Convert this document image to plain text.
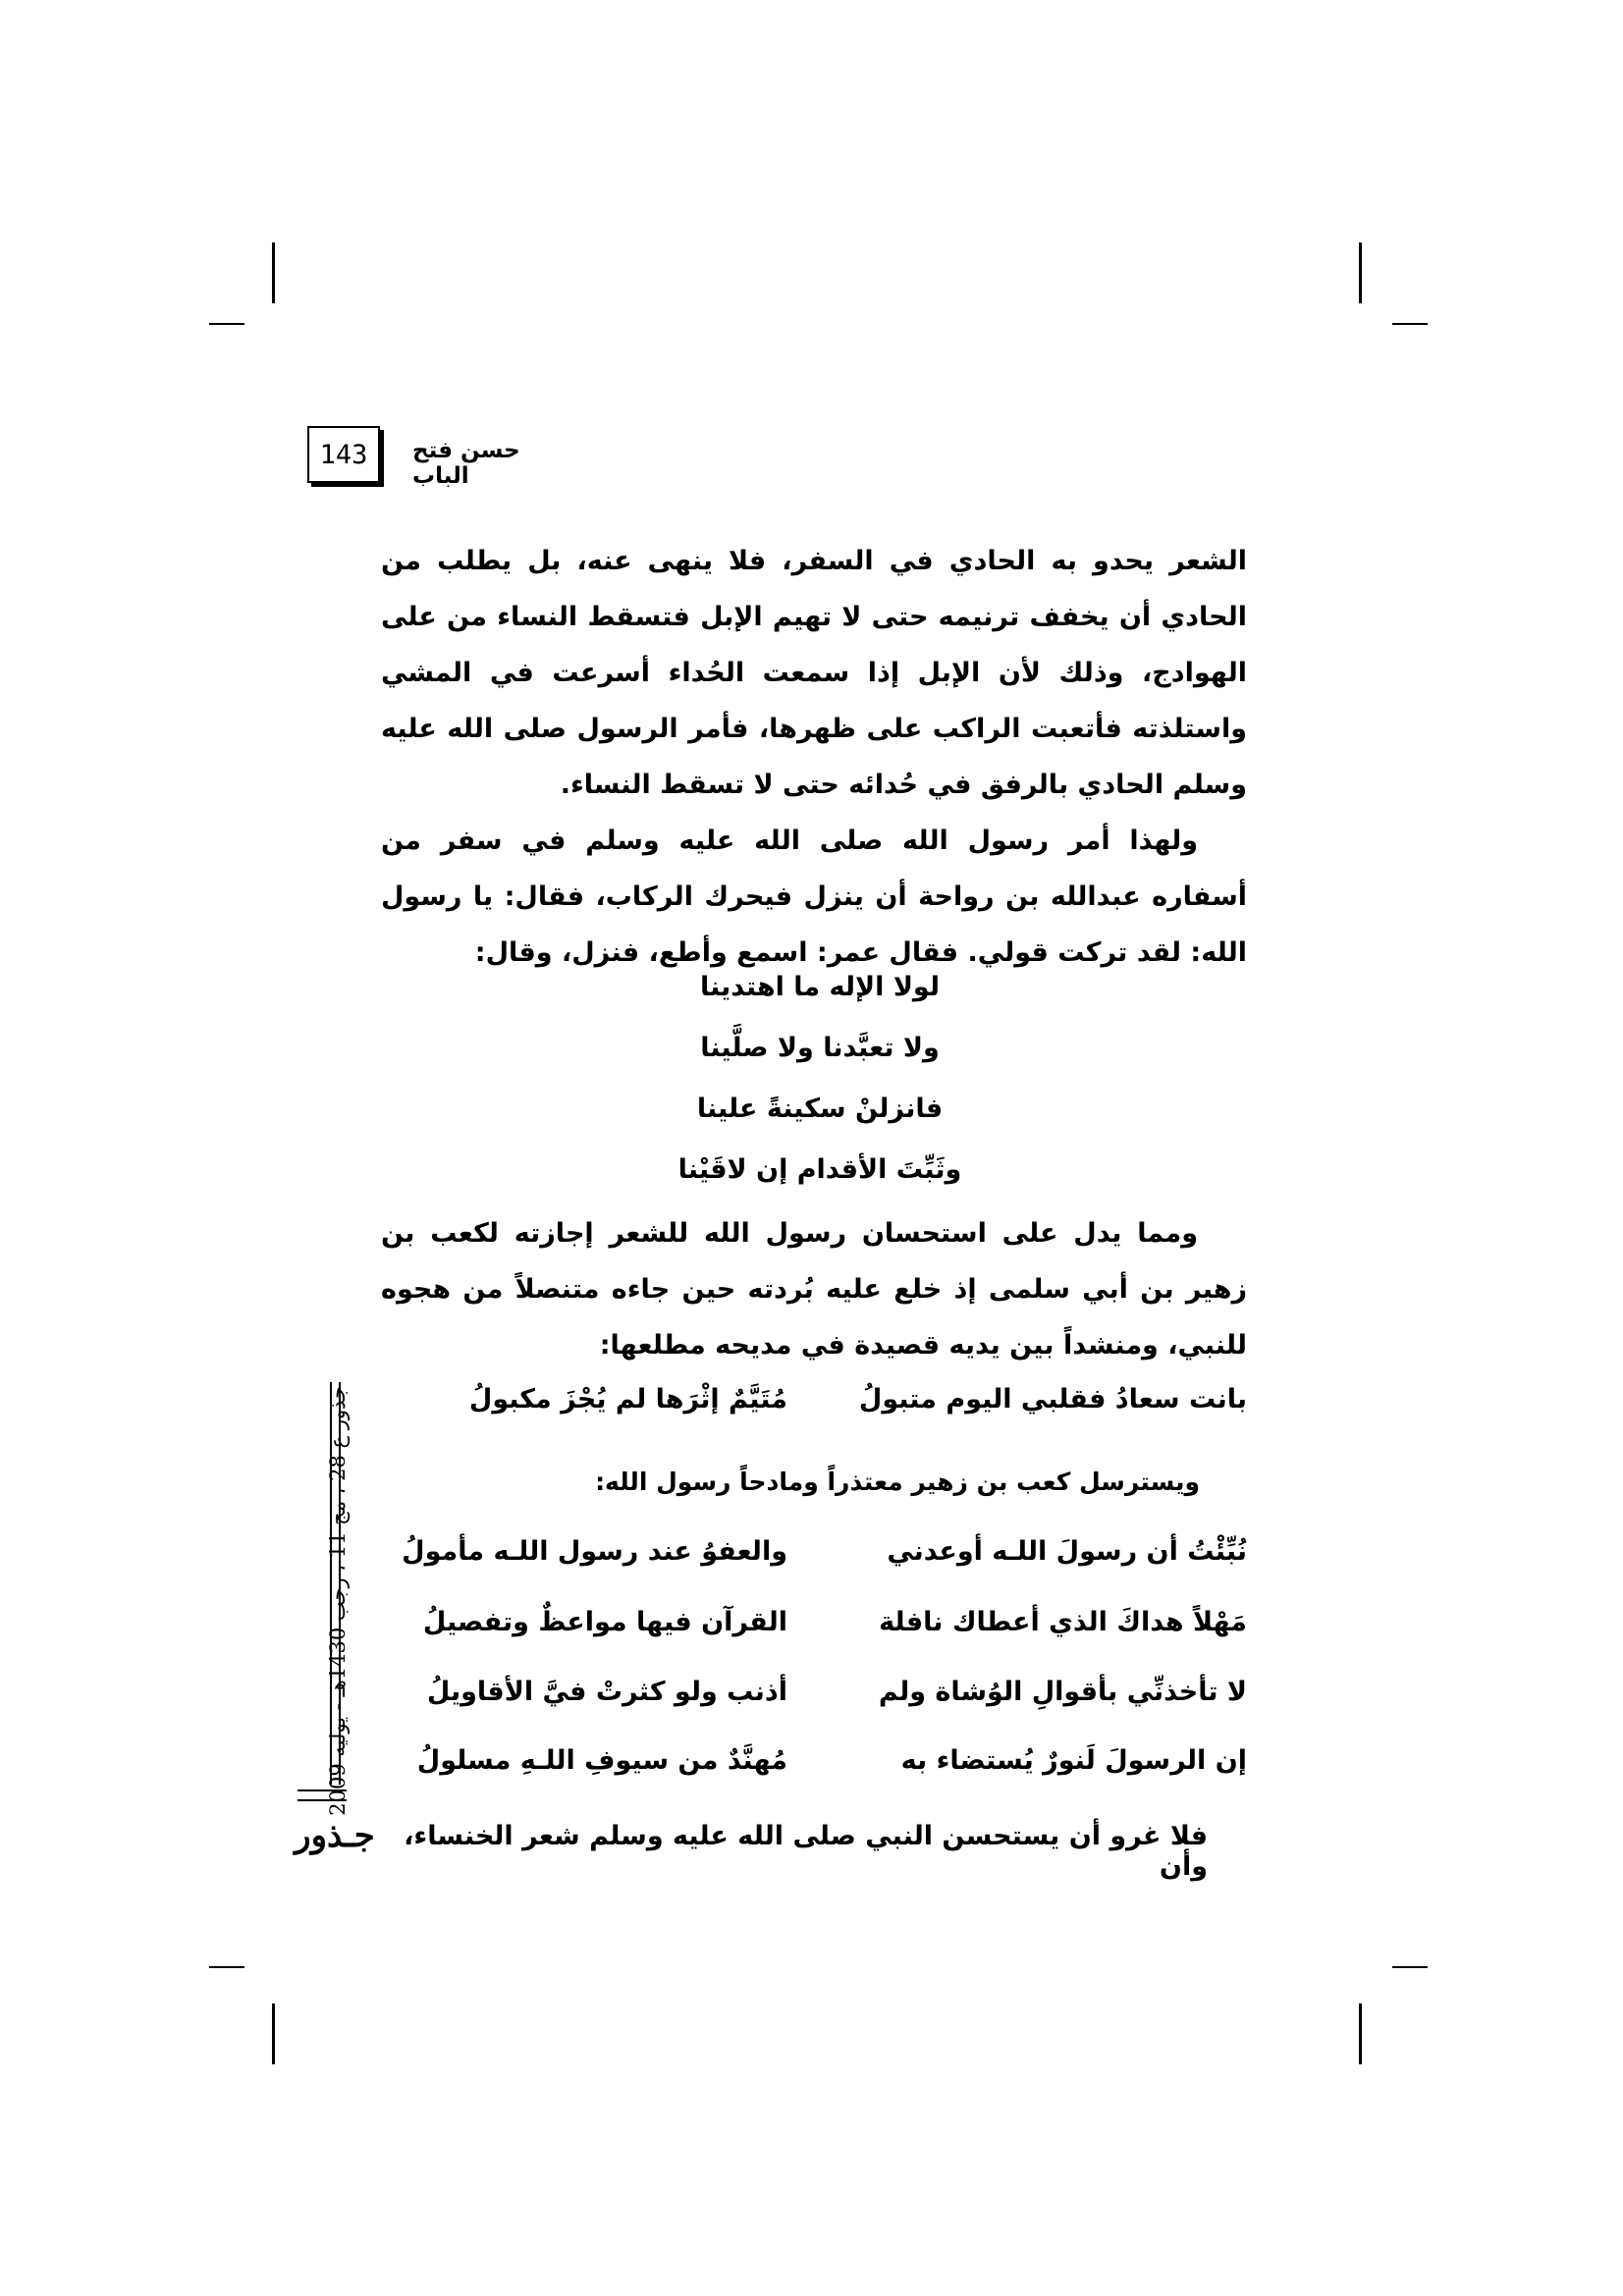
143	حسن فتح الباب

الشعر يحدو به الحادي في السفر، فلا ينهى عنه، بل يطلب من الحادي أن يخفف ترنيمه حتى لا تهيم الإبل فتسقط النساء من على الهوادج، وذلك لأن الإبل إذا سمعت الحُداء أسرعت في المشي واستلذته فأتعبت الراكب على ظهرها، فأمر الرسول صلى الله عليه وسلم الحادي بالرفق في حُدائه حتى لا تسقط النساء.

ولهذا أمر رسول الله صلى الله عليه وسلم في سفر من أسفاره عبدالله بن رواحة أن ينزل فيحرك الركاب، فقال: يا رسول الله: لقد تركت قولي. فقال عمر: اسمع وأطع، فنزل، وقال:

لولا الإله ما اهتدينا
ولا تعبَّدنا ولا صلَّينا
فانزلنْ سكينةً علينا
وثَبِّتَ الأقدام إن لاقَيْنا

ومما يدل على استحسان رسول الله للشعر إجازته لكعب بن زهير بن أبي سلمى إذ خلع عليه بُردته حين جاءه متنصلاً من هجوه للنبي، ومنشداً بين يديه قصيدة في مديحه مطلعها:

بانت سعادُ فقلبي اليوم متبولُ
مُتَيَّمٌ إثْرَها لم يُجْزَ مكبولُ
ويسترسل كعب بن زهير معتذراً ومادحاً رسول الله:
نُبِّئْتُ أن رسولَ اللـه أوعدني
والعفوُ عند رسول اللـه مأمولُ
مَهْلاً هداكَ الذي أعطاك نافلة
القرآن فيها مواعظٌ وتفصيلُ
لا تأخذنِّي بأقوالِ الوُشاة ولم
أذنب ولو كثرتْ فيَّ الأقاويلُ
إن الرسولَ لَنورٌ يُستضاء به
مُهنَّدٌ من سيوفِ اللـهِ مسلولُ
فلا غرو أن يستحسن النبي صلى الله عليه وسلم شعر الخنساء، وأن
جذور ع 28 ، مج 11 ، رجب 1430هـ - يوليه 2009
جـذور
